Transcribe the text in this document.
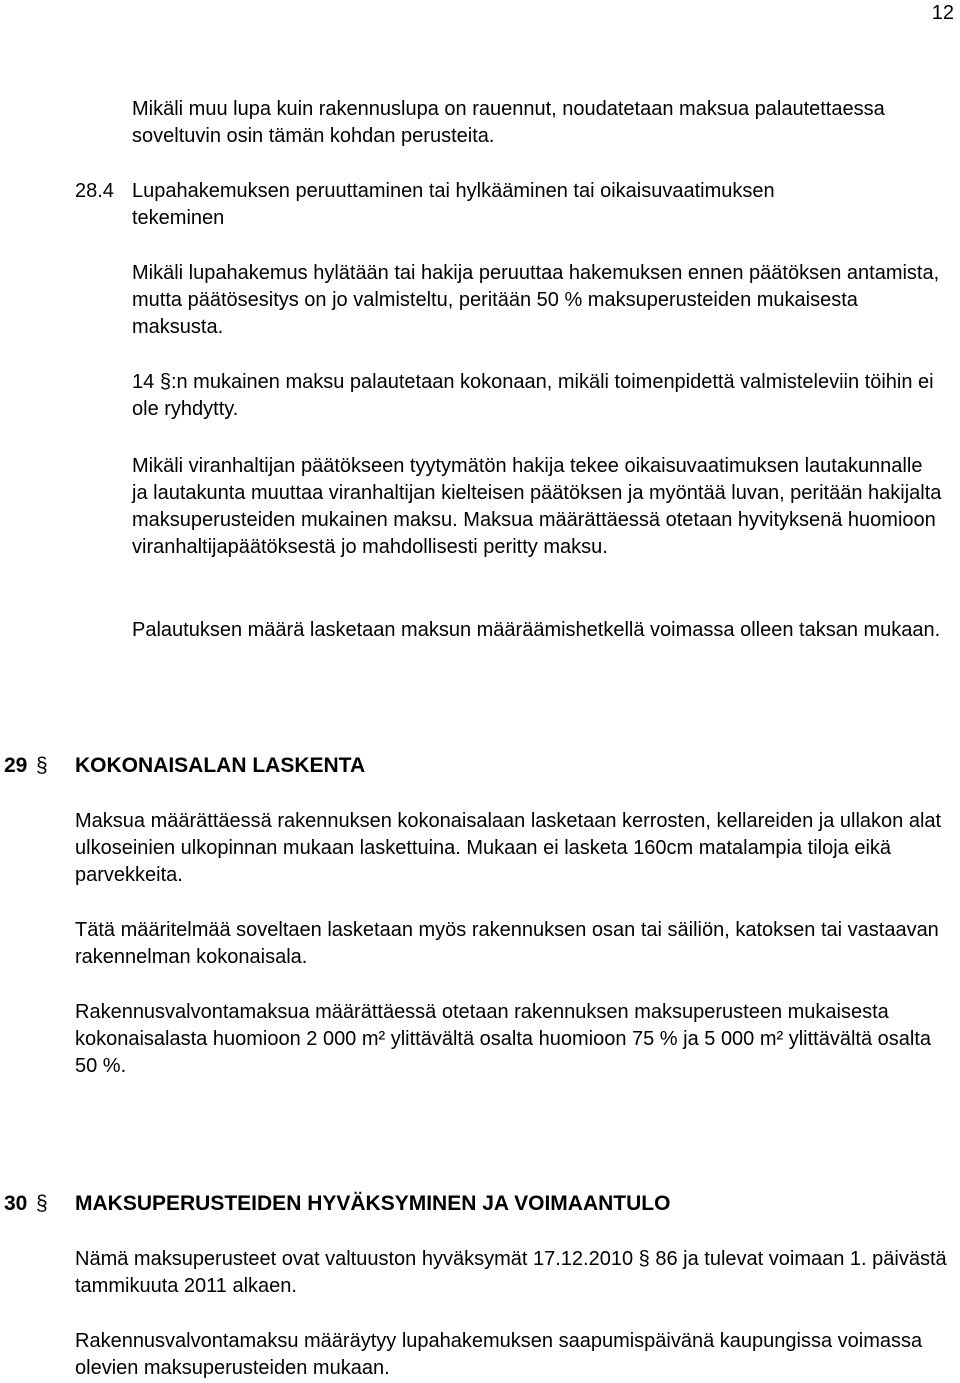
12

Mikäli muu lupa kuin rakennuslupa on rauennut, noudatetaan maksua palautettaessa soveltuvin osin tämän kohdan perusteita.

28.4 Lupahakemuksen peruuttaminen tai hylkääminen tai oikaisuvaatimuksen
tekeminen

Mikäli lupahakemus hylätään tai hakija peruuttaa hakemuksen ennen päätöksen antamista, mutta päätösesitys on jo valmisteltu, peritään 50 % maksuperusteiden mukaisesta maksusta.

14 §:n mukainen maksu palautetaan kokonaan, mikäli toimenpidettä valmisteleviin töihin ei ole ryhdytty.

Mikäli viranhaltijan päätökseen tyytymätön hakija tekee oikaisuvaatimuksen lautakunnalle ja lautakunta muuttaa viranhaltijan kielteisen päätöksen ja myöntää luvan, peritään hakijalta maksuperusteiden mukainen maksu. Maksua määrättäessä otetaan hyvityksenä huomioon viranhaltijapäätöksestä jo mahdollisesti peritty maksu.

Palautuksen määrä lasketaan maksun määräämishetkellä voimassa olleen taksan mukaan.

29 § KOKONAISALAN LASKENTA

Maksua määrättäessä rakennuksen kokonaisalaan lasketaan kerrosten, kellareiden ja ullakon alat ulkoseinien ulkopinnan mukaan laskettuina. Mukaan ei lasketa 160cm matalampia tiloja eikä parvekkeita.

Tätä määritelmää soveltaen lasketaan myös rakennuksen osan tai säiliön, katoksen tai vastaavan rakennelman kokonaisala.

Rakennusvalvontamaksua määrättäessä otetaan rakennuksen maksuperusteen mukaisesta kokonaisalasta huomioon 2 000 m² ylittävältä osalta huomioon 75 % ja 5 000 m² ylittävältä osalta 50 %.

30 § MAKSUPERUSTEIDEN HYVÄKSYMINEN JA VOIMAANTULO

Nämä maksuperusteet ovat valtuuston hyväksymät 17.12.2010 § 86 ja tulevat voimaan 1. päivästä tammikuuta 2011 alkaen.

Rakennusvalvontamaksu määräytyy lupahakemuksen saapumispäivänä kaupungissa voimassa olevien maksuperusteiden mukaan.
